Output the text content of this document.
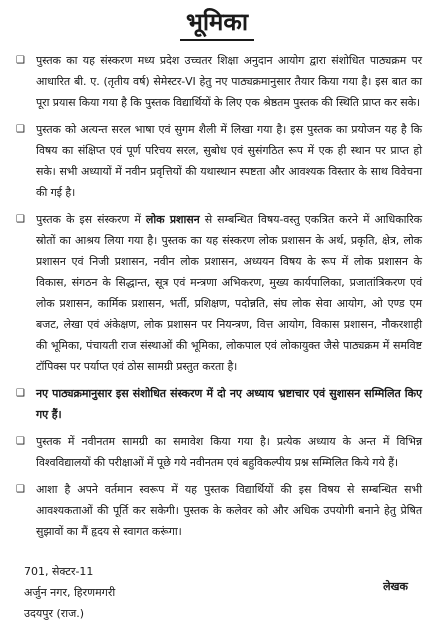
भूमिका
❑	पुस्तक का यह संस्करण मध्य प्रदेश उच्चतर शिक्षा अनुदान आयोग द्वारा संशोधित पाठ्यक्रम पर आधारित बी. ए. (तृतीय वर्ष) सेमेस्टर-VI हेतु नए पाठ्यक्रमानुसार तैयार किया गया है। इस बात का पूरा प्रयास किया गया है कि पुस्तक विद्यार्थियों के लिए एक श्रेष्ठतम पुस्तक की स्थिति प्राप्त कर सके।
❑	पुस्तक को अत्यन्त सरल भाषा एवं सुगम शैली में लिखा गया है। इस पुस्तक का प्रयोजन यह है कि विषय का संक्षिप्त एवं पूर्ण परिचय सरल, सुबोध एवं सुसंगठित रूप में एक ही स्थान पर प्राप्त हो सके। सभी अध्यायों में नवीन प्रवृत्तियों की यथास्थान स्पष्टता और आवश्यक विस्तार के साथ विवेचना की गई है।
❑	पुस्तक के इस संस्करण में लोक प्रशासन से सम्बन्धित विषय-वस्तु एकत्रित करने में आधिकारिक स्रोतों का आश्रय लिया गया है। पुस्तक का यह संस्करण लोक प्रशासन के अर्थ, प्रकृति, क्षेत्र, लोक प्रशासन एवं निजी प्रशासन, नवीन लोक प्रशासन, अध्ययन विषय के रूप में लोक प्रशासन के विकास, संगठन के सिद्धान्त, सूत्र एवं मन्त्रणा अभिकरण, मुख्य कार्यपालिका, प्रजातांत्रिकरण एवं लोक प्रशासन, कार्मिक प्रशासन, भर्ती, प्रशिक्षण, पदोन्नति, संघ लोक सेवा आयोग, ओ एण्ड एम बजट, लेखा एवं अंकेक्षण, लोक प्रशासन पर नियन्त्रण, वित्त आयोग, विकास प्रशासन, नौकरशाही की भूमिका, पंचायती राज संस्थाओं की भूमिका, लोकपाल एवं लोकायुक्त जैसे पाठ्यक्रम में समविष्ट टॉपिक्स पर पर्याप्त एवं ठोस सामग्री प्रस्तुत करता है।
❑	नए पाठ्यक्रमानुसार इस संशोधित संस्करण में दो नए अध्याय भ्रष्टाचार एवं सुशासन सम्मिलित किए गए हैं।
❑	पुस्तक में नवीनतम सामग्री का समावेश किया गया है। प्रत्येक अध्याय के अन्त में विभिन्न विश्वविद्यालयों की परीक्षाओं में पूछे गये नवीनतम एवं बहुविकल्पीय प्रश्न सम्मिलित किये गये हैं।
❑	आशा है अपने वर्तमान स्वरूप में यह पुस्तक विद्यार्थियों की इस विषय से सम्बन्धित सभी आवश्यकताओं की पूर्ति कर सकेगी। पुस्तक के कलेवर को और अधिक उपयोगी बनाने हेतु प्रेषित सुझावों का मैं हृदय से स्वागत करूंगा।
701, सेक्टर-11
अर्जुन नगर, हिरणमगरी
उदयपुर (राज.)
लेखक
